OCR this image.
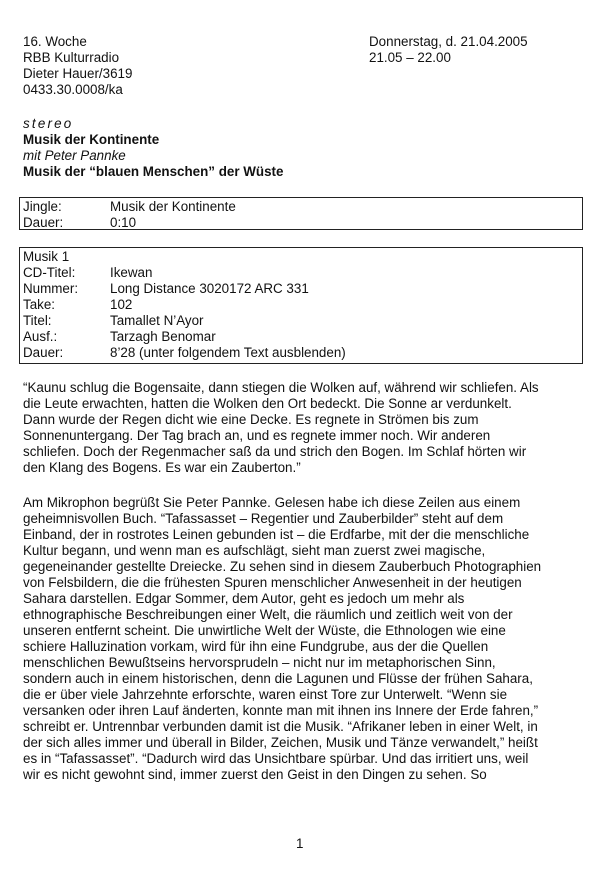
16. Woche
RBB Kulturradio
Dieter Hauer/3619
0433.30.0008/ka
Donnerstag, d. 21.04.2005
21.05 – 22.00
stereo
Musik der Kontinente
mit Peter Pannke
Musik der “blauen Menschen” der Wüste
Jingle:	Musik der Kontinente
Dauer:	0:10
Musik 1
CD-Titel:	Ikewan
Nummer:	Long Distance 3020172 ARC 331
Take:	102
Titel:	Tamallet N’Ayor
Ausf.:	Tarzagh Benomar
Dauer:	8’28 (unter folgendem Text ausblenden)
“Kaunu schlug die Bogensaite, dann stiegen die Wolken auf, während wir schliefen. Als
die Leute erwachten, hatten die Wolken den Ort bedeckt. Die Sonne ar verdunkelt.
Dann wurde der Regen dicht wie eine Decke. Es regnete in Strömen bis zum
Sonnenuntergang. Der Tag brach an, und es regnete immer noch. Wir anderen
schliefen. Doch der Regenmacher saß da und strich den Bogen. Im Schlaf hörten wir
den Klang des Bogens. Es war ein Zauberton.”
Am Mikrophon begrüßt Sie Peter Pannke. Gelesen habe ich diese Zeilen aus einem
geheimnisvollen Buch. “Tafassasset – Regentier und Zauberbilder” steht auf dem
Einband, der in rostrotes Leinen gebunden ist – die Erdfarbe, mit der die menschliche
Kultur begann, und wenn man es aufschlägt, sieht man zuerst zwei magische,
gegeneinander gestellte Dreiecke. Zu sehen sind in diesem Zauberbuch Photographien
von Felsbildern, die die frühesten Spuren menschlicher Anwesenheit in der heutigen
Sahara darstellen. Edgar Sommer, dem Autor, geht es jedoch um mehr als
ethnographische Beschreibungen einer Welt, die räumlich und zeitlich weit von der
unseren entfernt scheint. Die unwirtliche Welt der Wüste, die Ethnologen wie eine
schiere Halluzination vorkam, wird für ihn eine Fundgrube, aus der die Quellen
menschlichen Bewußtseins hervorsprudeln – nicht nur im metaphorischen Sinn,
sondern auch in einem historischen, denn die Lagunen und Flüsse der frühen Sahara,
die er über viele Jahrzehnte erforschte, waren einst Tore zur Unterwelt. “Wenn sie
versanken oder ihren Lauf änderten, konnte man mit ihnen ins Innere der Erde fahren,”
schreibt er. Untrennbar verbunden damit ist die Musik. “Afrikaner leben in einer Welt, in
der sich alles immer und überall in Bilder, Zeichen, Musik und Tänze verwandelt,” heißt
es in “Tafassasset”. “Dadurch wird das Unsichtbare spürbar. Und das irritiert uns, weil
wir es nicht gewohnt sind, immer zuerst den Geist in den Dingen zu sehen. So
1
